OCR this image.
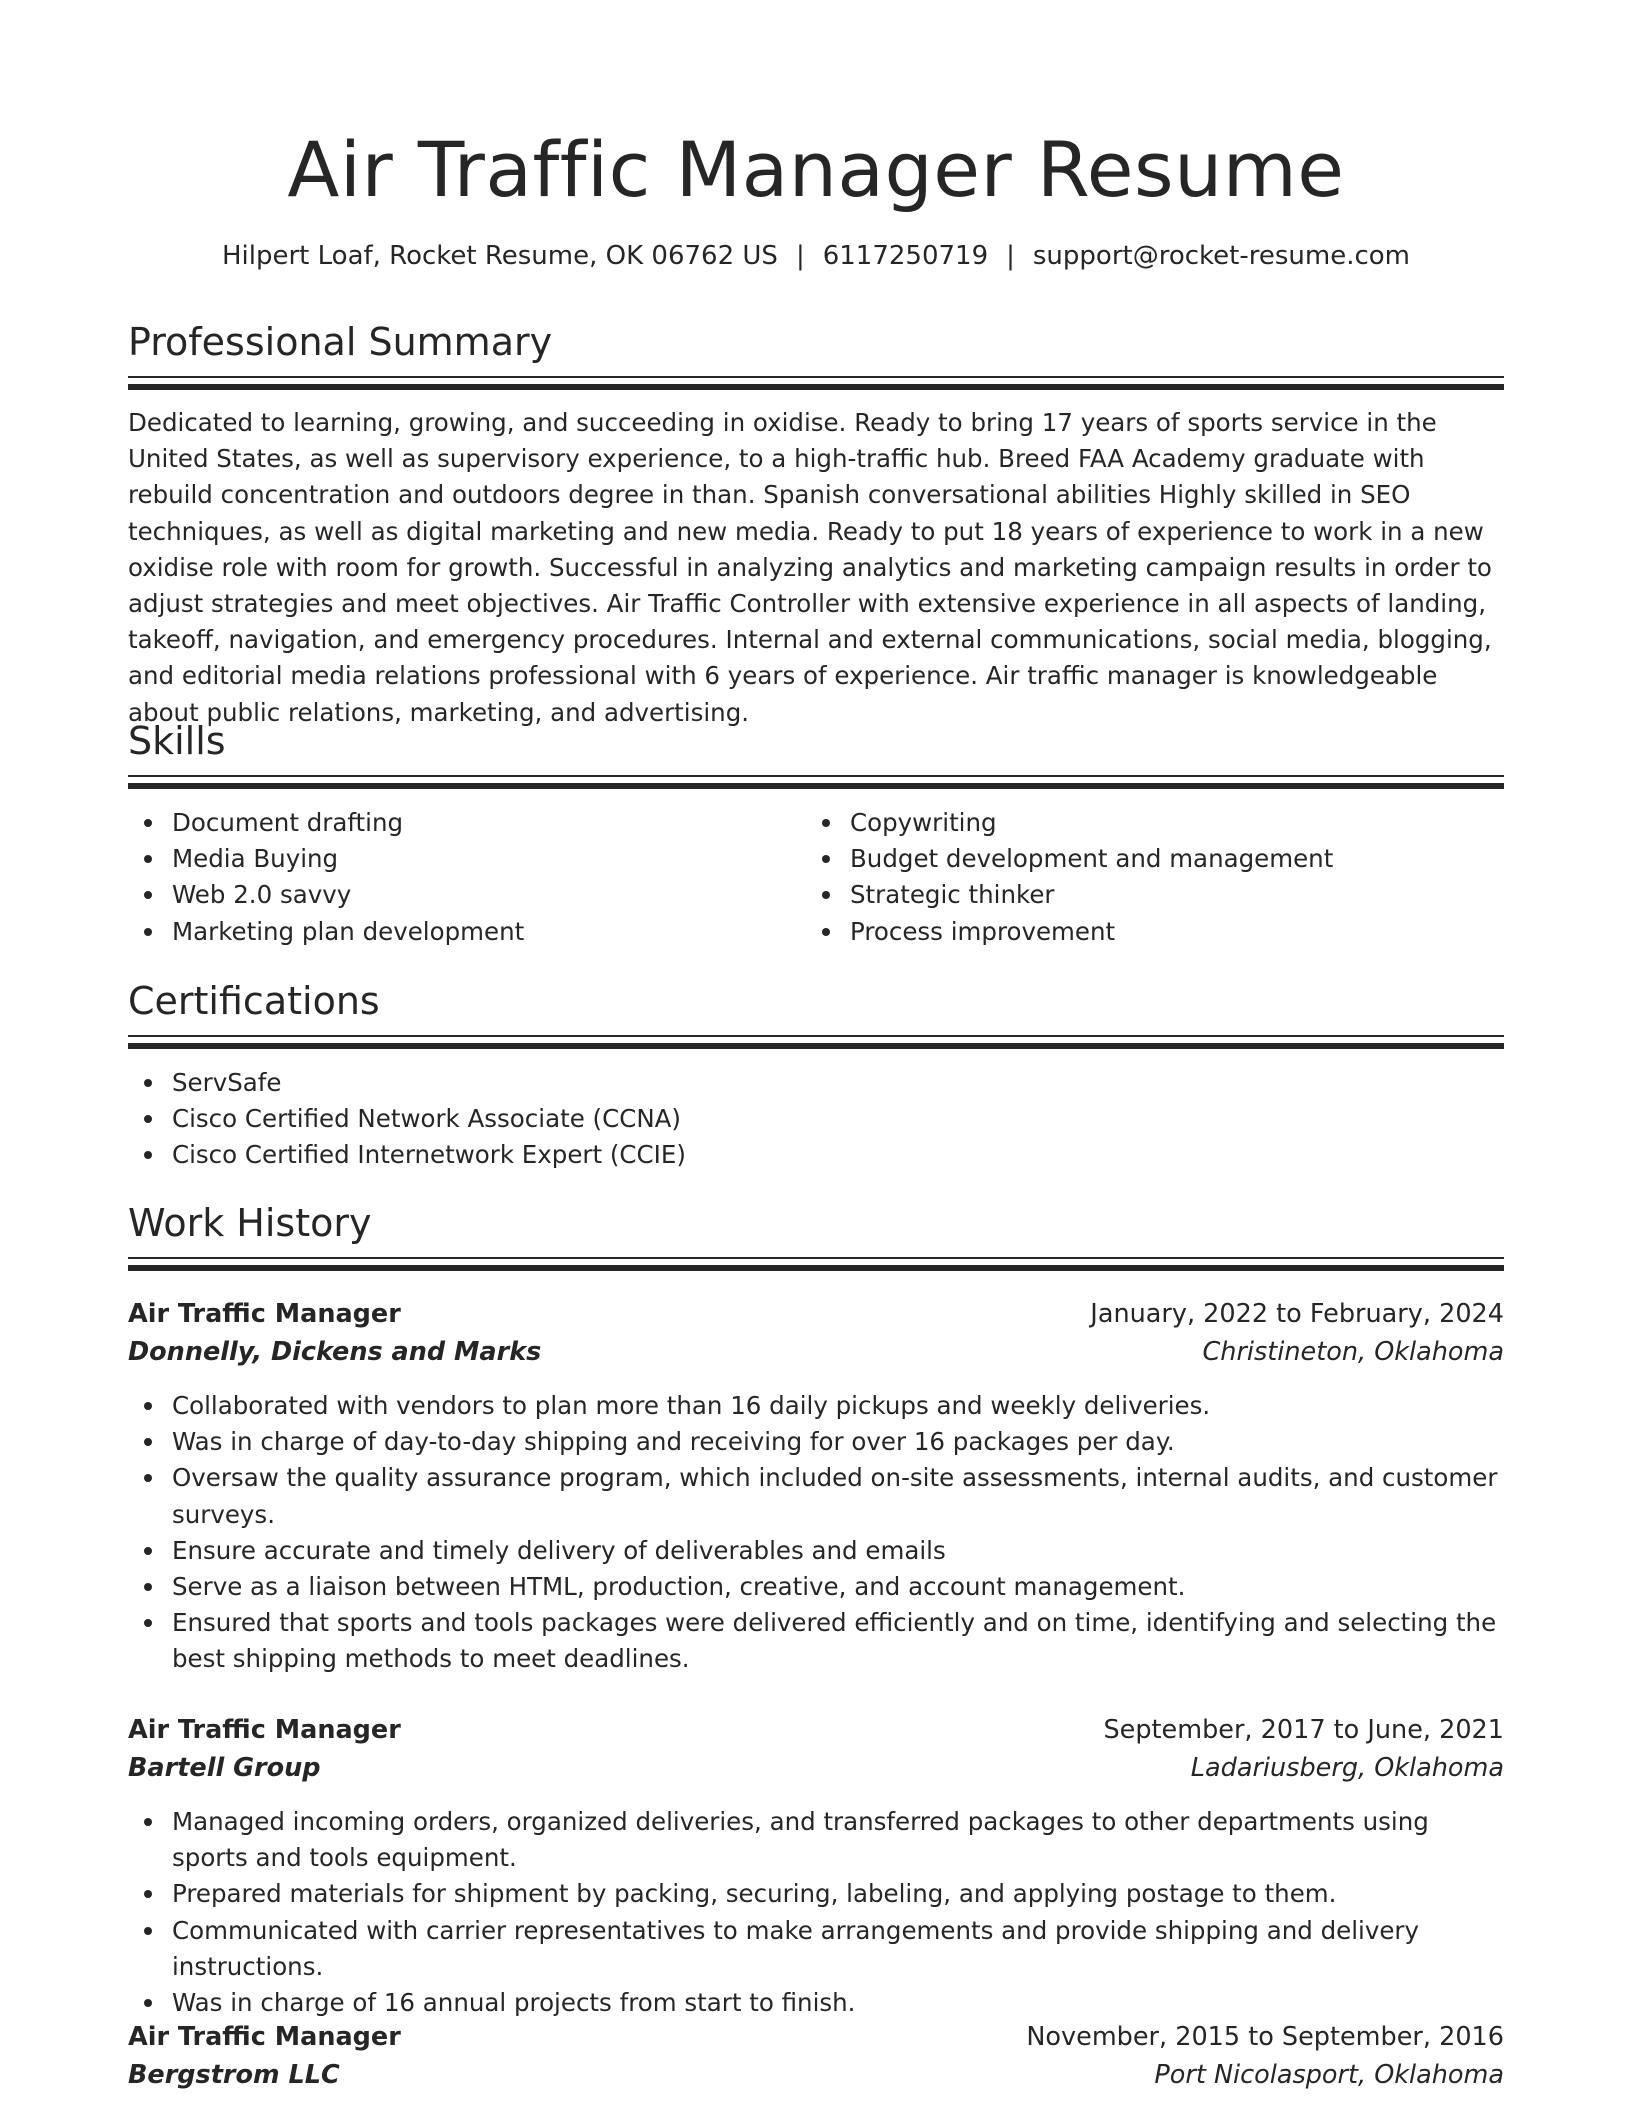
Air Traffic Manager Resume
Hilpert Loaf, Rocket Resume, OK 06762 US | 6117250719 | support@rocket-resume.com
Professional Summary

Dedicated to learning, growing, and succeeding in oxidise. Ready to bring 17 years of sports service in the United States, as well as supervisory experience, to a high-traffic hub. Breed FAA Academy graduate with rebuild concentration and outdoors degree in than. Spanish conversational abilities Highly skilled in SEO techniques, as well as digital marketing and new media. Ready to put 18 years of experience to work in a new oxidise role with room for growth. Successful in analyzing analytics and marketing campaign results in order to adjust strategies and meet objectives. Air Traffic Controller with extensive experience in all aspects of landing, takeoff, navigation, and emergency procedures. Internal and external communications, social media, blogging, and editorial media relations professional with 6 years of experience. Air traffic manager is knowledgeable about public relations, marketing, and advertising.

Skills
Document drafting
Media Buying
Web 2.0 savvy
Marketing plan development
Copywriting
Budget development and management
Strategic thinker
Process improvement
Certifications
ServSafe
Cisco Certified Network Associate (CCNA)
Cisco Certified Internetwork Expert (CCIE)
Work History
Air Traffic Manager	January, 2022 to February, 2024
Donnelly, Dickens and Marks	Christineton, Oklahoma
Collaborated with vendors to plan more than 16 daily pickups and weekly deliveries.
Was in charge of day-to-day shipping and receiving for over 16 packages per day.
Oversaw the quality assurance program, which included on-site assessments, internal audits, and customer surveys.
Ensure accurate and timely delivery of deliverables and emails
Serve as a liaison between HTML, production, creative, and account management.
Ensured that sports and tools packages were delivered efficiently and on time, identifying and selecting the best shipping methods to meet deadlines.
Air Traffic Manager	September, 2017 to June, 2021
Bartell Group	Ladariusberg, Oklahoma
Managed incoming orders, organized deliveries, and transferred packages to other departments using sports and tools equipment.
Prepared materials for shipment by packing, securing, labeling, and applying postage to them.
Communicated with carrier representatives to make arrangements and provide shipping and delivery instructions.
Was in charge of 16 annual projects from start to finish.
Air Traffic Manager	November, 2015 to September, 2016
Bergstrom LLC	Port Nicolasport, Oklahoma
